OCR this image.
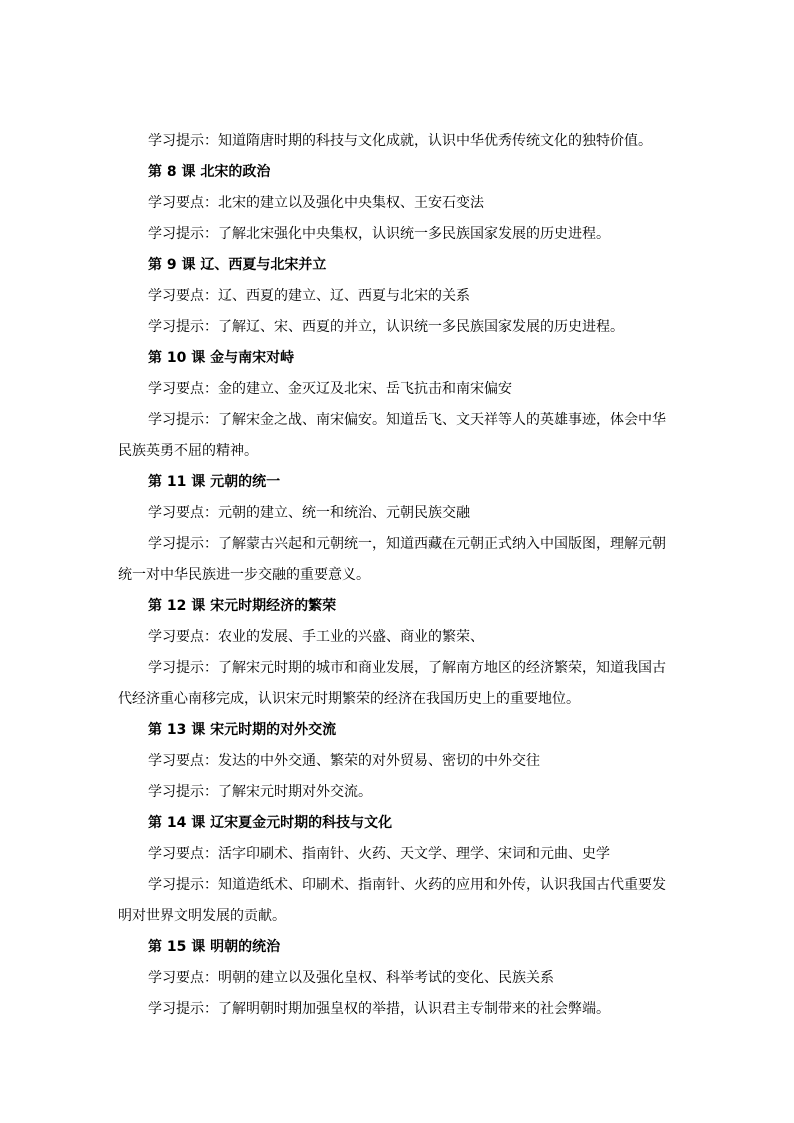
学习提示：知道隋唐时期的科技与文化成就，认识中华优秀传统文化的独特价值。

第 8 课 北宋的政治

学习要点：北宋的建立以及强化中央集权、王安石变法

学习提示：了解北宋强化中央集权，认识统一多民族国家发展的历史进程。

第 9 课 辽、西夏与北宋并立

学习要点：辽、西夏的建立、辽、西夏与北宋的关系

学习提示：了解辽、宋、西夏的并立，认识统一多民族国家发展的历史进程。

第 10 课 金与南宋对峙

学习要点：金的建立、金灭辽及北宋、岳飞抗击和南宋偏安

学习提示：了解宋金之战、南宋偏安。知道岳飞、文天祥等人的英雄事迹，体会中华民族英勇不屈的精神。

第 11 课 元朝的统一

学习要点：元朝的建立、统一和统治、元朝民族交融

学习提示：了解蒙古兴起和元朝统一，知道西藏在元朝正式纳入中国版图，理解元朝统一对中华民族进一步交融的重要意义。

第 12 课 宋元时期经济的繁荣

学习要点：农业的发展、手工业的兴盛、商业的繁荣、

学习提示：了解宋元时期的城市和商业发展，了解南方地区的经济繁荣，知道我国古代经济重心南移完成，认识宋元时期繁荣的经济在我国历史上的重要地位。

第 13 课 宋元时期的对外交流

学习要点：发达的中外交通、繁荣的对外贸易、密切的中外交往

学习提示：了解宋元时期对外交流。

第 14 课 辽宋夏金元时期的科技与文化

学习要点：活字印刷术、指南针、火药、天文学、理学、宋词和元曲、史学

学习提示：知道造纸术、印刷术、指南针、火药的应用和外传，认识我国古代重要发明对世界文明发展的贡献。

第 15 课 明朝的统治

学习要点：明朝的建立以及强化皇权、科举考试的变化、民族关系

学习提示：了解明朝时期加强皇权的举措，认识君主专制带来的社会弊端。
